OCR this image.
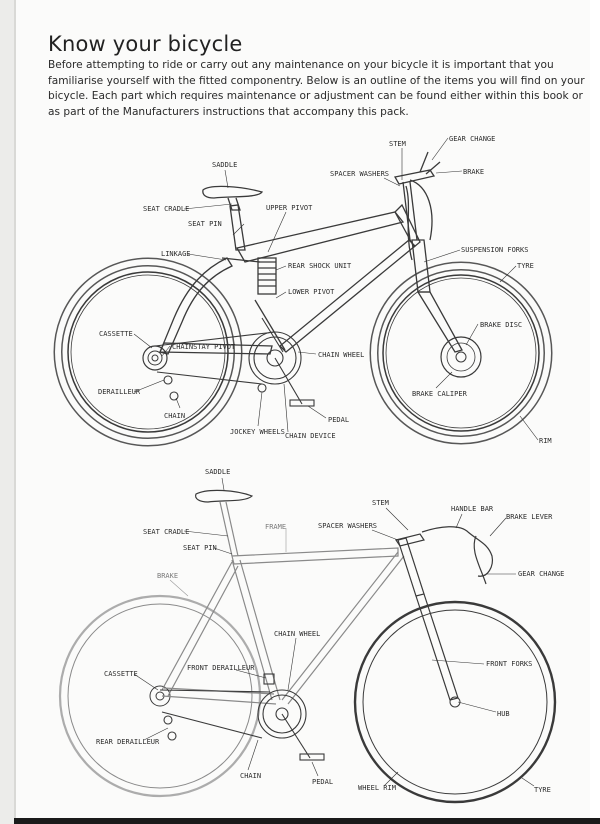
Know your bicycle

Before attempting to ride or carry out any maintenance on your bicycle it is important that you familiarise yourself with the fitted componentry. Below is an outline of the items you will find on your bicycle. Each part which requires maintenance or adjustment can be found either within this book or as part of the Manufacturers instructions that accompany this pack.

STEM
GEAR CHANGE
BRAKE
SADDLE
SPACER WASHERS
SEAT CRADLE	UPPER PIVOT
SEAT PIN
LINKAGE
REAR SHOCK UNIT
SUSPENSION FORKS
TYRE
LOWER PIVOT
CASSETTE
CHAINSTAY PIVOT
BRAKE DISC
CHAIN WHEEL
DERAILLEUR	BRAKE CALIPER
PEDAL
CHAIN
JOCKEY WHEELS CHAIN DEVICE
RIM
SADDLE
STEM
HANDLE BAR
SEAT CRADLE
FRAME	SPACER WASHERS
BRAKE LEVER
SEAT PIN
BRAKE	GEAR CHANGE
CHAIN WHEEL
FRONT FORKS
CASSETTE
FRONT DERAILLEUR
HUB
REAR DERAILLEUR
CHAIN
PEDAL
WHEEL RIM	TYRE
